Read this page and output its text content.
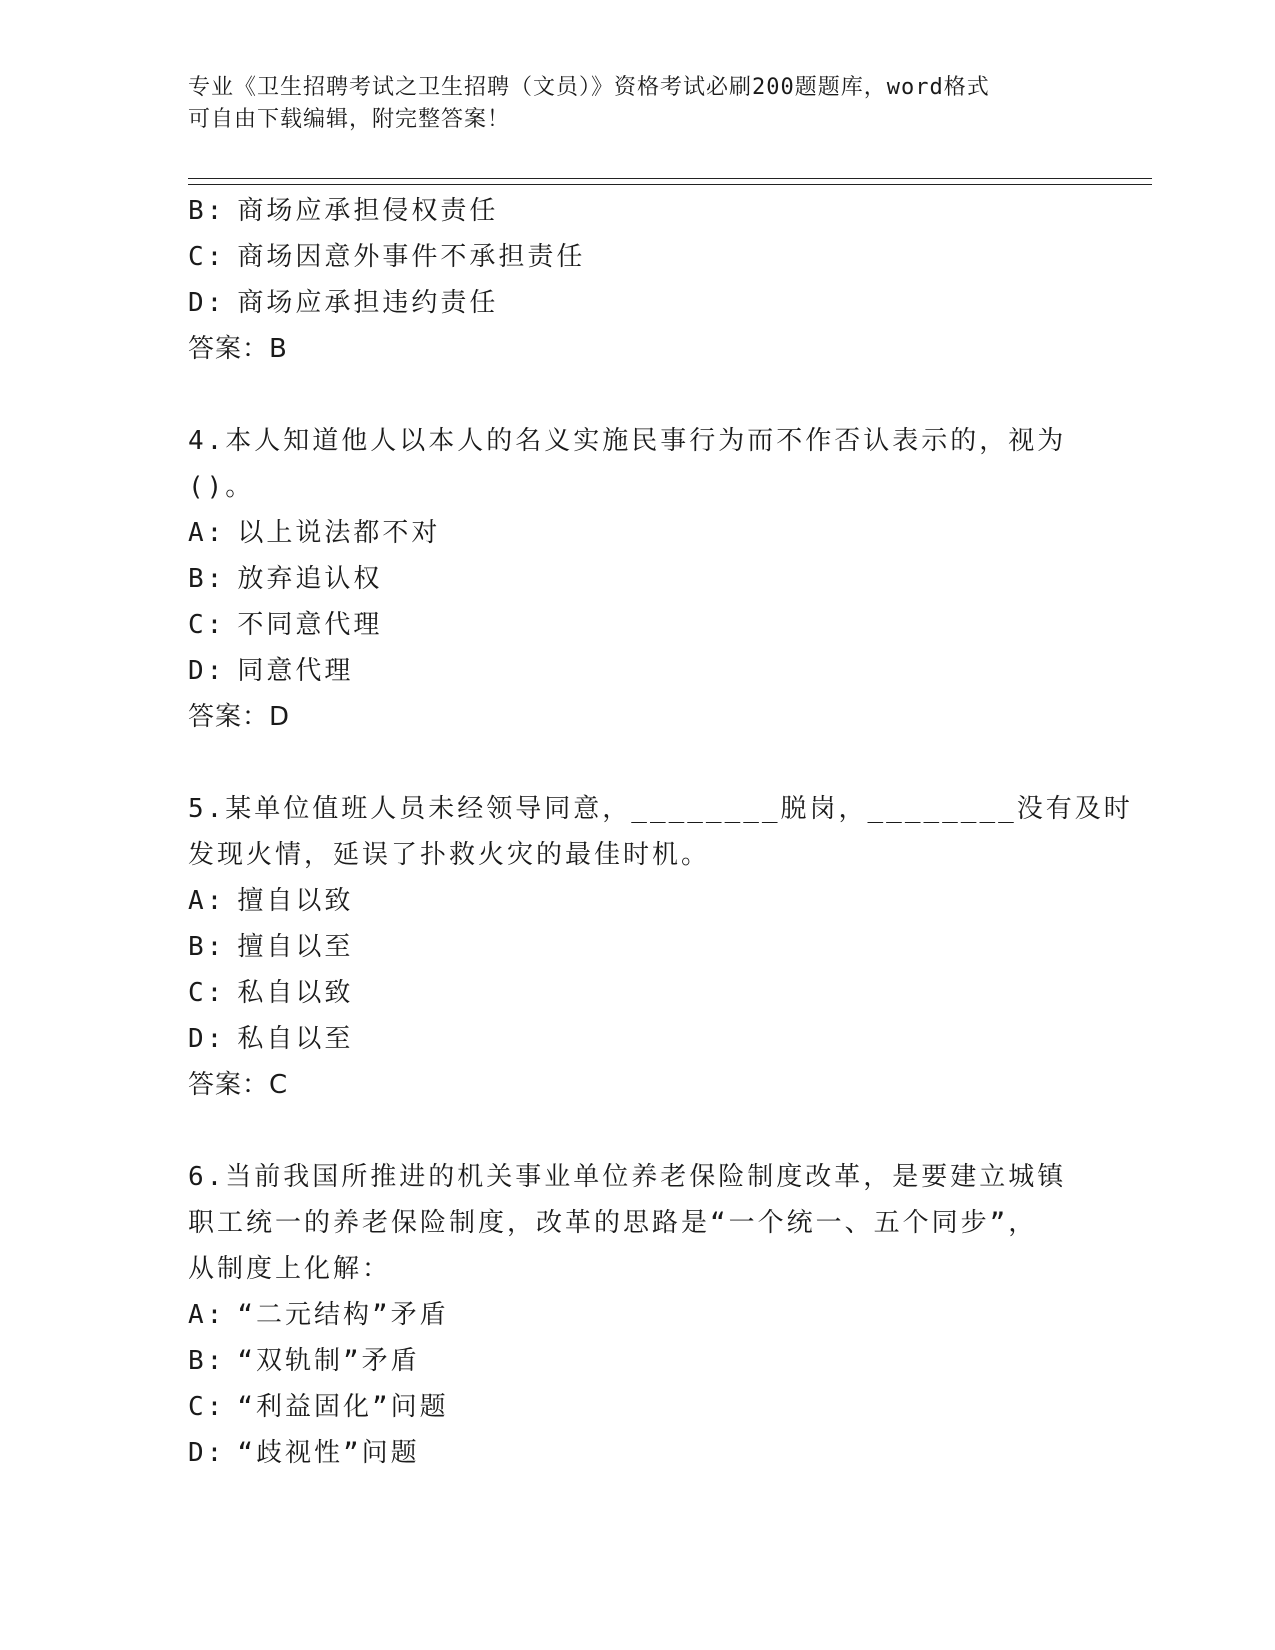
专业《卫生招聘考试之卫生招聘（文员）》资格考试必刷200题题库，word格式
可自由下载编辑，附完整答案！
B: 商场应承担侵权责任
C: 商场因意外事件不承担责任
D: 商场应承担违约责任
答案：B
4.本人知道他人以本人的名义实施民事行为而不作否认表示的，视为
()。
A: 以上说法都不对
B: 放弃追认权
C: 不同意代理
D: 同意代理
答案：D
5.某单位值班人员未经领导同意，________脱岗，________没有及时
发现火情，延误了扑救火灾的最佳时机。
A: 擅自以致
B: 擅自以至
C: 私自以致
D: 私自以至
答案：C
6.当前我国所推进的机关事业单位养老保险制度改革，是要建立城镇
职工统一的养老保险制度，改革的思路是“一个统一、五个同步”，
从制度上化解：
A: “二元结构”矛盾
B: “双轨制”矛盾
C: “利益固化”问题
D: “歧视性”问题
